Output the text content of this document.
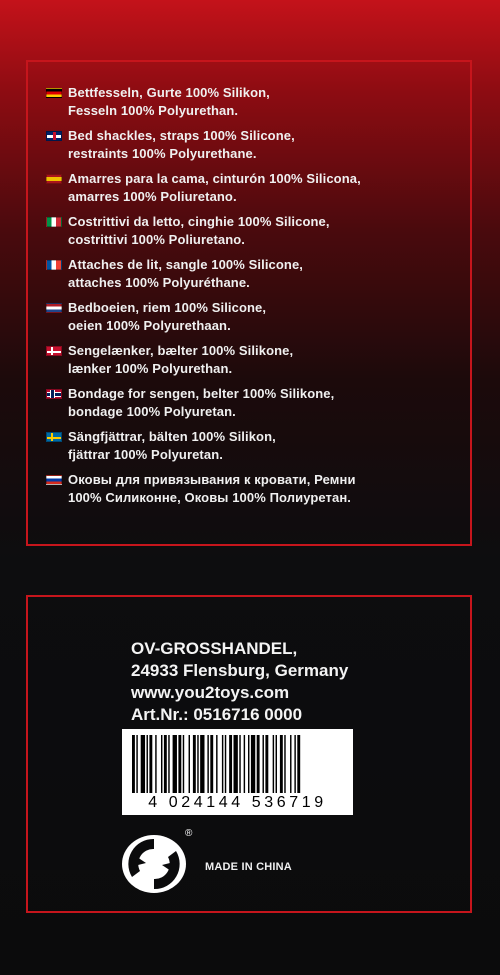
Bettfesseln, Gurte 100% Silikon,
Fesseln 100% Polyurethan.
Bed shackles, straps 100% Silicone,
restraints 100% Polyurethane.
Amarres para la cama, cinturón 100% Silicona,
amarres 100% Poliuretano.
Costrittivi da letto, cinghie 100% Silicone,
costrittivi 100% Poliuretano.
Attaches de lit, sangle 100% Silicone,
attaches 100% Polyuréthane.
Bedboeien, riem 100% Silicone,
oeien 100% Polyurethaan.
Sengelænker, bælter 100% Silikone,
lænker 100% Polyurethan.
Bondage for sengen, belter 100% Silikone,
bondage 100% Polyuretan.
Sängfjättrar, bälten 100% Silikon,
fjättrar 100% Polyuretan.
Оковы для привязывания к кровати, Ремни
100% Силиконне, Оковы 100% Полиуретан.
OV-GROSSHANDEL,
24933 Flensburg, Germany
www.you2toys.com
Art.Nr.: 0516716 0000
4 024144 536719
®
MADE IN CHINA
